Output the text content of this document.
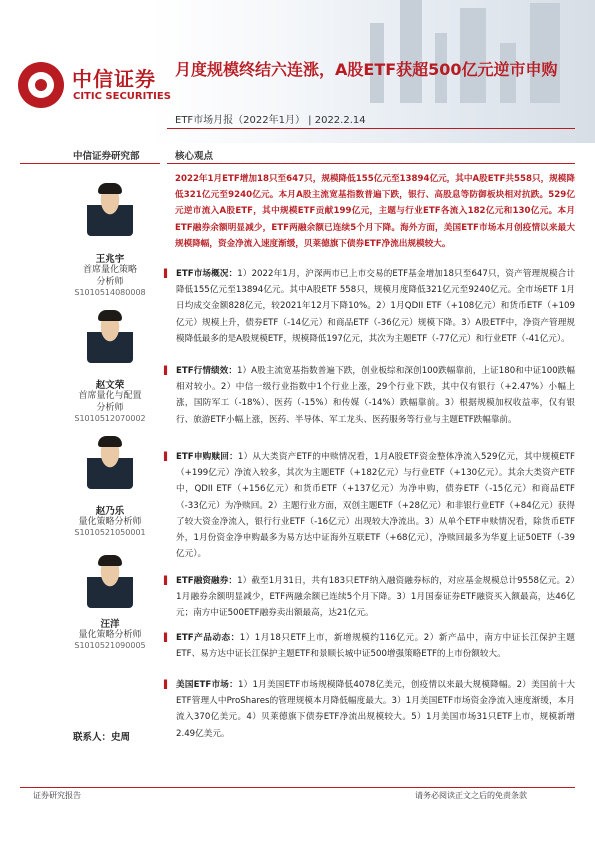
中信证券
CITIC SECURITIES
月度规模终结六连涨，A股ETF获超500亿元逆市申购
ETF市场月报（2022年1月） | 2022.2.14
中信证券研究部	核心观点
王兆宇
首席量化策略
分析师
S1010514080008
赵文荣
首席量化与配置
分析师
S1010512070002
赵乃乐
量化策略分析师
S1010521050001
汪洋
量化策略分析师
S1010521090005
联系人：史周
2022年1月ETF增加18只至647只，规模降低155亿元至13894亿元，其中A股ETF共558只，规模降低321亿元至9240亿元。本月A股主流宽基指数普遍下跌，银行、高股息等防御板块相对抗跌。529亿元逆市流入A股ETF，其中规模ETF贡献199亿元，主题与行业ETF各流入182亿元和130亿元。本月ETF融券余额明显减少，ETF两融余额已连续5个月下降。海外方面，美国ETF市场本月创疫情以来最大规模降幅，资金净流入速度渐缓，贝莱德旗下债券ETF净流出规模较大。
▌ ETF市场概况：1）2022年1月，沪深两市已上市交易的ETF基金增加18只至647只，资产管理规模合计降低155亿元至13894亿元。其中A股ETF 558只，规模月度降低321亿元至9240亿元。全市场ETF 1月日均成交金额828亿元，较2021年12月下降10%。2）1月QDII ETF（+108亿元）和货币ETF（+109亿元）规模上升，债券ETF（-14亿元）和商品ETF（-36亿元）规模下降。3）A股ETF中，净资产管理规模降低最多的是A股规模ETF，规模降低197亿元，其次为主题ETF（-77亿元）和行业ETF（-41亿元）。
▌ ETF行情绩效：1）A股主流宽基指数普遍下跌，创业板综和深创100跌幅靠前，上证180和中证100跌幅相对较小。2）中信一级行业指数中1个行业上涨，29个行业下跌，其中仅有银行（+2.47%）小幅上涨，国防军工（-18%）、医药（-15%）和传媒（-14%）跌幅靠前。3）根据规模加权收益率，仅有银行、旅游ETF小幅上涨，医药、半导体、军工龙头、医药服务等行业与主题ETF跌幅靠前。
▌ ETF申购赎回：1）从大类资产ETF的申赎情况看，1月A股ETF资金整体净流入529亿元，其中规模ETF（+199亿元）净流入较多，其次为主题ETF（+182亿元）与行业ETF（+130亿元）。其余大类资产ETF中，QDII ETF（+156亿元）和货币ETF（+137亿元）为净申购，债券ETF（-15亿元）和商品ETF（-33亿元）为净赎回。2）主题行业方面，双创主题ETF（+28亿元）和非银行业ETF（+84亿元）获得了较大资金净流入，银行行业ETF（-16亿元）出现较大净流出。3）从单个ETF申赎情况看，除货币ETF外，1月份资金净申购最多为易方达中证海外互联ETF（+68亿元），净赎回最多为华夏上证50ETF（-39亿元）。
▌ ETF融资融券：1）截至1月31日，共有183只ETF纳入融资融券标的，对应基金规模总计9558亿元。2）1月融券余额明显减少，ETF两融余额已连续5个月下降。3）1月国泰证券ETF融资买入额最高，达46亿元；南方中证500ETF融券卖出额最高，达21亿元。
▌ ETF产品动态：1）1月18只ETF上市，新增规模约116亿元。2）新产品中，南方中证长江保护主题ETF、易方达中证长江保护主题ETF和景顺长城中证500增强策略ETF的上市份额较大。
▌ 美国ETF市场：1）1月美国ETF市场规模降低4078亿美元，创疫情以来最大规模降幅。2）美国前十大ETF管理人中ProShares的管理规模本月降低幅度最大。3）1月美国ETF市场资金净流入速度渐缓，本月流入370亿美元。4）贝莱德旗下债券ETF净流出规模较大。5）1月美国市场31只ETF上市，规模新增2.49亿美元。
证券研究报告	请务必阅读正文之后的免责条款
